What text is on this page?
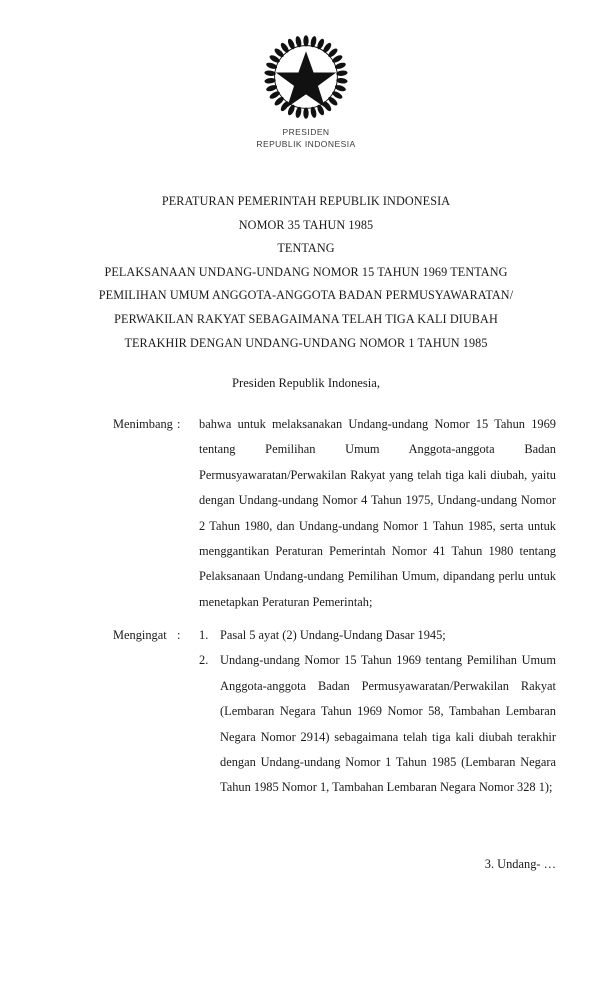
PRESIDEN
REPUBLIK INDONESIA
PERATURAN PEMERINTAH REPUBLIK INDONESIA
NOMOR 35 TAHUN 1985
TENTANG
PELAKSANAAN UNDANG-UNDANG NOMOR 15 TAHUN 1969 TENTANG
PEMILIHAN UMUM ANGGOTA-ANGGOTA BADAN PERMUSYAWARATAN/
PERWAKILAN RAKYAT SEBAGAIMANA TELAH TIGA KALI DIUBAH
TERAKHIR DENGAN UNDANG-UNDANG NOMOR 1 TAHUN 1985
Presiden Republik Indonesia,
Menimbang :	bahwa untuk melaksanakan Undang-undang Nomor 15 Tahun 1969 tentang Pemilihan Umum Anggota-anggota Badan Permusyawaratan/Perwakilan Rakyat yang telah tiga kali diubah, yaitu dengan Undang-undang Nomor 4 Tahun 1975, Undang-undang Nomor 2 Tahun 1980, dan Undang-undang Nomor 1 Tahun 1985, serta untuk menggantikan Peraturan Pemerintah Nomor 41 Tahun 1980 tentang Pelaksanaan Undang-undang Pemilihan Umum, dipandang perlu untuk menetapkan Peraturan Pemerintah;

Mengingat :	1. Pasal 5 ayat (2) Undang-Undang Dasar 1945;
2. Undang-undang Nomor 15 Tahun 1969 tentang Pemilihan Umum Anggota-anggota Badan Permusyawaratan/Perwakilan Rakyat (Lembaran Negara Tahun 1969 Nomor 58, Tambahan Lembaran Negara Nomor 2914) sebagaimana telah tiga kali diubah terakhir dengan Undang-undang Nomor 1 Tahun 1985 (Lembaran Negara Tahun 1985 Nomor 1, Tambahan Lembaran Negara Nomor 328 1);
3. Undang- …
